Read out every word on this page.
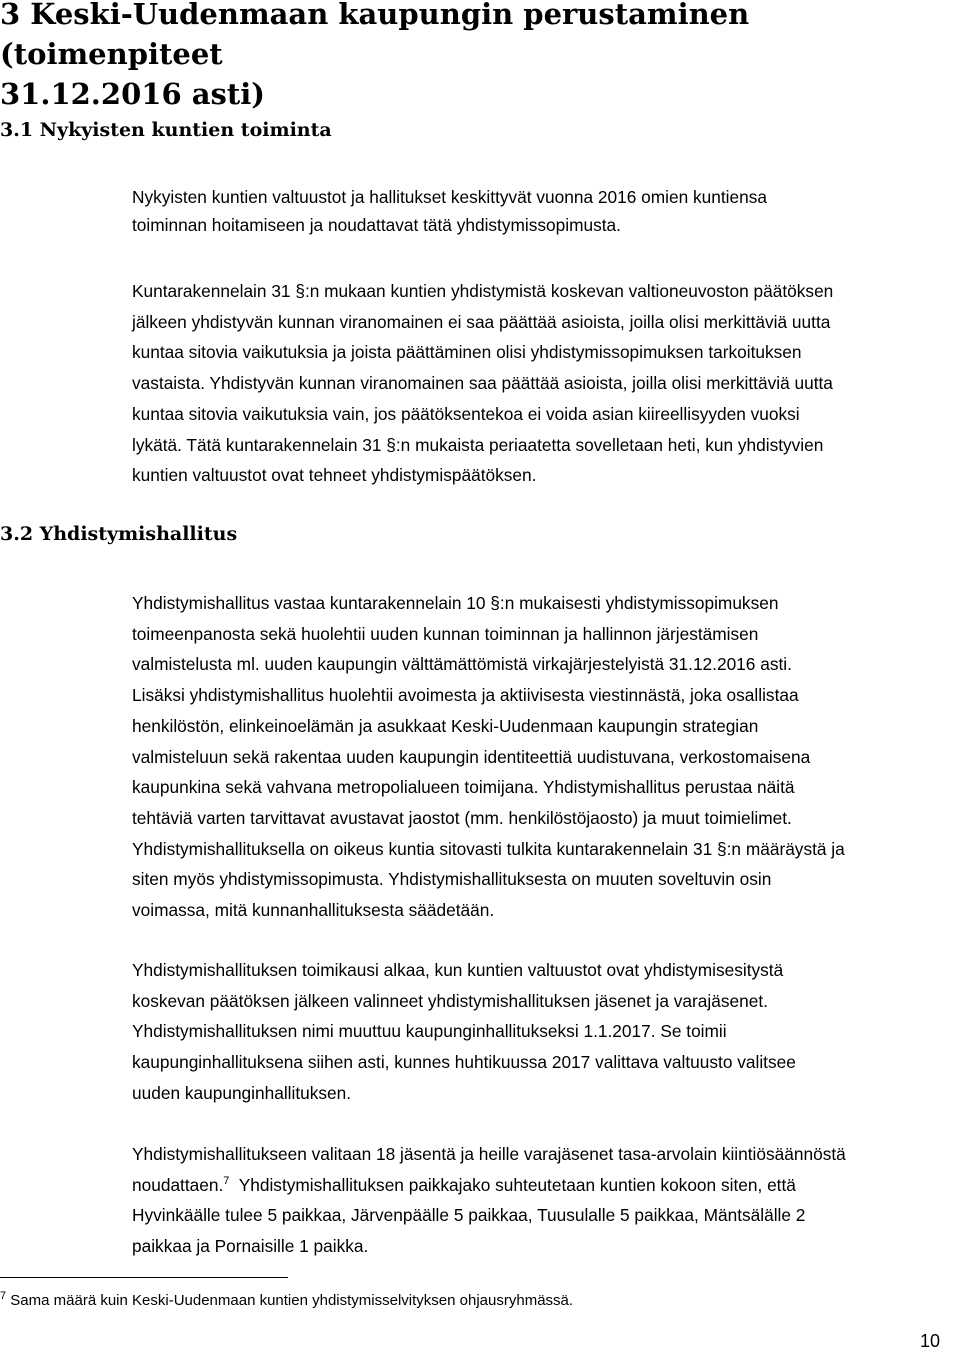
3 Keski-Uudenmaan kaupungin perustaminen (toimenpiteet
31.12.2016 asti)
3.1 Nykyisten kuntien toiminta
Nykyisten kuntien valtuustot ja hallitukset keskittyvät vuonna 2016 omien kuntiensa
toiminnan hoitamiseen ja noudattavat tätä yhdistymissopimusta.
Kuntarakennelain 31 §:n mukaan kuntien yhdistymistä koskevan valtioneuvoston päätöksen
jälkeen yhdistyvän kunnan viranomainen ei saa päättää asioista, joilla olisi merkittäviä uutta
kuntaa sitovia vaikutuksia ja joista päättäminen olisi yhdistymissopimuksen tarkoituksen
vastaista. Yhdistyvän kunnan viranomainen saa päättää asioista, joilla olisi merkittäviä uutta
kuntaa sitovia vaikutuksia vain, jos päätöksentekoa ei voida asian kiireellisyyden vuoksi
lykätä. Tätä kuntarakennelain 31 §:n mukaista periaatetta sovelletaan heti, kun yhdistyvien
kuntien valtuustot ovat tehneet yhdistymispäätöksen.
3.2 Yhdistymishallitus
Yhdistymishallitus vastaa kuntarakennelain 10 §:n mukaisesti yhdistymissopimuksen
toimeenpanosta sekä huolehtii uuden kunnan toiminnan ja hallinnon järjestämisen
valmistelusta ml. uuden kaupungin välttämättömistä virkajärjestelyistä 31.12.2016 asti.
Lisäksi yhdistymishallitus huolehtii avoimesta ja aktiivisesta viestinnästä, joka osallistaa
henkilöstön, elinkeinoelämän ja asukkaat Keski-Uudenmaan kaupungin strategian
valmisteluun sekä rakentaa uuden kaupungin identiteettiä uudistuvana, verkostomaisena
kaupunkina sekä vahvana metropolialueen toimijana. Yhdistymishallitus perustaa näitä
tehtäviä varten tarvittavat avustavat jaostot (mm. henkilöstöjaosto) ja muut toimielimet.
Yhdistymishallituksella on oikeus kuntia sitovasti tulkita kuntarakennelain 31 §:n määräystä ja
siten myös yhdistymissopimusta. Yhdistymishallituksesta on muuten soveltuvin osin
voimassa, mitä kunnanhallituksesta säädetään.
Yhdistymishallituksen toimikausi alkaa, kun kuntien valtuustot ovat yhdistymisesitystä
koskevan päätöksen jälkeen valinneet yhdistymishallituksen jäsenet ja varajäsenet.
Yhdistymishallituksen nimi muuttuu kaupunginhallitukseksi 1.1.2017. Se toimii
kaupunginhallituksena siihen asti, kunnes huhtikuussa 2017 valittava valtuusto valitsee
uuden kaupunginhallituksen.
Yhdistymishallitukseen valitaan 18 jäsentä ja heille varajäsenet tasa-arvolain kiintiösäännöstä
noudattaen.$^7$  Yhdistymishallituksen paikkajako suhteutetaan kuntien kokoon siten, että
Hyvinkäälle tulee 5 paikkaa, Järvenpäälle 5 paikkaa, Tuusulalle 5 paikkaa, Mäntsälälle 2
paikkaa ja Pornaisille 1 paikka.
$^7$ Sama määrä kuin Keski-Uudenmaan kuntien yhdistymisselvityksen ohjausryhmässä.
10
